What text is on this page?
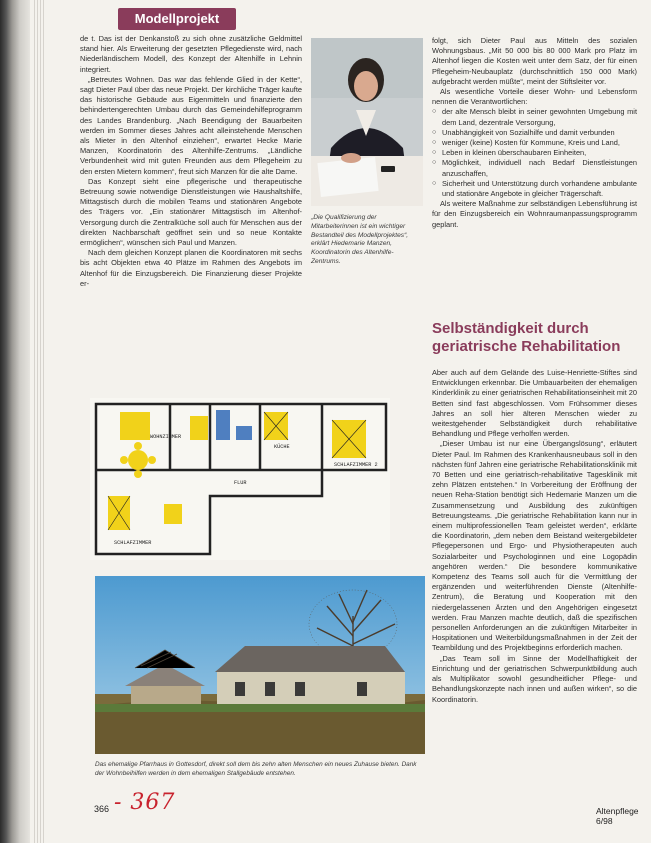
Modellprojekt

de t. Das ist der Denkanstoß zu sich ohne zusätzliche Geldmittel stand hier. Als Erweiterung der gesetzten Pflegedienste wird, nach Niederländischem Modell, des Konzept der Altenhilfe in Lehnin integriert.

„Betreutes Wohnen. Das war das fehlende Glied in der Kette“, sagt Dieter Paul über das neue Projekt. Der kirchliche Träger kaufte das historische Gebäude aus Eigenmitteln und finanzierte den behindertengerechten Umbau durch das Gemeindehilfeprogramm des Landes Brandenburg. „Nach Beendigung der Bauarbeiten werden im Sommer dieses Jahres acht alleinstehende Menschen als Mieter in den Altenhof einziehen“, erwartet Hecke Marie Manzen, Koordinatorin des Altenhilfe-Zentrums. „Ländliche Verbundenheit wird mit guten Freunden aus dem Pflegeheim zu den ersten Mietern kommen“, freut sich Manzen für die alte Dame.

Das Konzept sieht eine pflegerische und therapeutische Betreuung sowie notwendige Dienstleistungen wie Haushaltshilfe, Mittagstisch durch die mobilen Teams und stationären Angebote des Trägers vor. „Ein stationärer Mittagstisch im Altenhof-Versorgung durch die Zentralküche soll auch für Menschen aus der direkten Nachbarschaft geöffnet sein und so neue Kontakte ermöglichen“, wünschen sich Paul und Manzen.

Nach dem gleichen Konzept planen die Koordinatoren mit sechs bis acht Objekten etwa 40 Plätze im Rahmen des Angebots im Altenhof für die Einzugsbereich. Die Finanzierung dieser Projekte er-

„Die Qualifizierung der Mitarbeiterinnen ist ein wichtiger Bestandteil des Modellprojektes“, erklärt Hiedemarie Manzen, Koordinatorin des Altenhilfe-Zentrums.

folgt, sich Dieter Paul aus Mitteln des sozialen Wohnungsbaus. „Mit 50 000 bis 80 000 Mark pro Platz im Altenhof liegen die Kosten weit unter dem Satz, der für einen Pflegeheim-Neubauplatz (durchschnittlich 150 000 Mark) aufgebracht werden müßte“, meint der Stiftsleiter vor.

Als wesentliche Vorteile dieser Wohn- und Lebensform nennen die Verantwortlichen:

○ der alte Mensch bleibt in seiner gewohnten Umgebung mit dem Land, dezentrale Versorgung,
○ Unabhängigkeit von Sozialhilfe und damit verbunden
○ weniger (keine) Kosten für Kommune, Kreis und Land,
○ Leben in kleinen überschaubaren Einheiten,
○ Möglichkeit, individuell nach Bedarf Dienstleistungen anzuschaffen,
○ Sicherheit und Unterstützung durch vorhandene ambulante und stationäre Angebote in gleicher Trägerschaft.

Als weitere Maßnahme zur selbständigen Lebensführung ist für den Einzugsbereich ein Wohnraumanpassungsprogramm geplant.

Selbständigkeit durch geriatrische Rehabilitation

Aber auch auf dem Gelände des Luise-Henriette-Stiftes sind Entwicklungen erkennbar. Die Umbauarbeiten der ehemaligen Kinderklinik zu einer geriatrischen Rehabilitationseinheit mit 20 Betten sind fast abgeschlossen. Vom Frühsommer dieses Jahres an soll hier älteren Menschen wieder zu weitestgehender Selbständigkeit durch rehabilitative Behandlung und Pflege verholfen werden.

„Dieser Umbau ist nur eine Übergangslösung“, erläutert Dieter Paul. Im Rahmen des Krankenhausneubaus soll in den nächsten fünf Jahren eine geriatrische Rehabilitationsklinik mit 70 Betten und eine geriatrisch-rehabilitative Tagesklinik mit zehn Plätzen entstehen.“ In Vorbereitung der Eröffnung der neuen Reha-Station benötigt sich Hedemarie Manzen um die Zusammensetzung und Ausbildung des zukünftigen Betreuungsteams. „Die geriatrische Rehabilitation kann nur in einem multiprofessionellen Team geleistet werden“, erklärte die Koordinatorin, „dem neben dem Beistand weitergebildeter Pflegepersonen und Ergo- und Physiotherapeuten auch Sozialarbeiter und Psychologinnen und eine Logopädin angehören werden.“ Die besondere kommunikative Kompetenz des Teams soll auch für die Vermittlung der ergänzenden und weiterführenden Dienste (Altenhilfe-Zentrum), die Beratung und Kooperation mit den niedergelassenen Ärzten und den Angehörigen eingesetzt werden. Frau Manzen machte deutlich, daß die spezifischen personellen Anforderungen an die zukünftigen Mitarbeiter in Hospitationen und Weiterbildungsmaßnahmen in der Zeit der Teambildung und des Projektbeginns erforderlich machen.

„Das Team soll im Sinne der Modellhaftigkeit der Einrichtung und der geriatrischen Schwerpunktbildung auch als Multiplikator sowohl gesundheitlicher Pflege- und Behandlungskonzepte nach innen und außen wirken“, so die Koordinatorin.

WOHNZIMMER
SCHLAFZIMMER 2
SCHLAFZIMMER
FLUR
KÜCHE
Das ehemalige Pfarrhaus in Gottesdorf, direkt soll dem bis zehn alten Menschen ein neues Zuhause bieten. Dank der Wohnbeihilfen werden in dem ehemaligen Stallgebäude entstehen.
366 - 367	Altenpflege 6/98
